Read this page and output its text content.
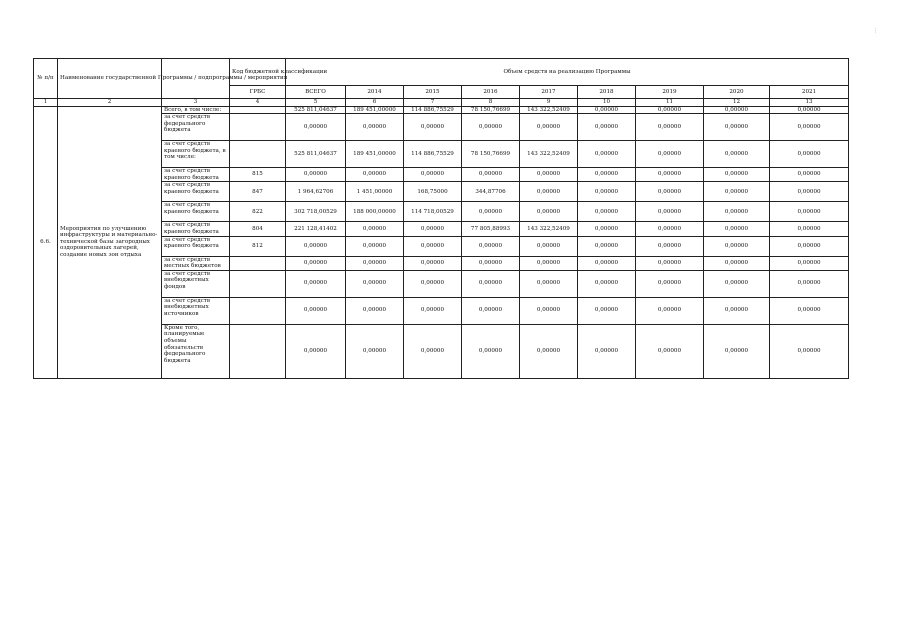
⋮
№ п/п	Наименование государственной Программы / подпрограммы / мероприятия		Код бюджетной классификации	Объем средств на реализацию Программы								
			ГРБС	ВСЕГО	2014	2015	2016	2017	2018	2019	2020	2021
1	2	3	4	5	6	7	8	9	10	11	12	13
6.6.	Мероприятия по улучшению инфраструктуры и материально-технической базы загородных оздоровительных лагерей, создание новых зон отдыха	Всего, в том числе:		525 811,04637	189 451,00000	114 886,75529	78 150,76699	143 322,52409	0,00000	0,00000	0,00000	0,00000
		за счет средств федерального бюджета		0,00000	0,00000	0,00000	0,00000	0,00000	0,00000	0,00000	0,00000	0,00000
		за счет средств краевого бюджета, в том числе:		525 811,04637	189 451,00000	114 886,75529	78 150,76699	143 322,52409	0,00000	0,00000	0,00000	0,00000
		за счет средств краевого бюджета	815	0,00000	0,00000	0,00000	0,00000	0,00000	0,00000	0,00000	0,00000	0,00000
		за счет средств краевого бюджета	847	1 964,62706	1 451,00000	168,75000	344,87706	0,00000	0,00000	0,00000	0,00000	0,00000
		за счет средств краевого бюджета	822	302 718,00529	188 000,00000	114 718,00529	0,00000	0,00000	0,00000	0,00000	0,00000	0,00000
		за счет средств краевого бюджета	804	221 128,41402	0,00000	0,00000	77 805,88993	143 322,52409	0,00000	0,00000	0,00000	0,00000
		за счет средств краевого бюджета	812	0,00000	0,00000	0,00000	0,00000	0,00000	0,00000	0,00000	0,00000	0,00000
		за счет средств местных бюджетов		0,00000	0,00000	0,00000	0,00000	0,00000	0,00000	0,00000	0,00000	0,00000
		за счет средств внебюджетных фондов		0,00000	0,00000	0,00000	0,00000	0,00000	0,00000	0,00000	0,00000	0,00000
		за счет средств внебюджетных источников		0,00000	0,00000	0,00000	0,00000	0,00000	0,00000	0,00000	0,00000	0,00000
		Кроме того, планируемые объемы обязательств федерального бюджета		0,00000	0,00000	0,00000	0,00000	0,00000	0,00000	0,00000	0,00000	0,00000
